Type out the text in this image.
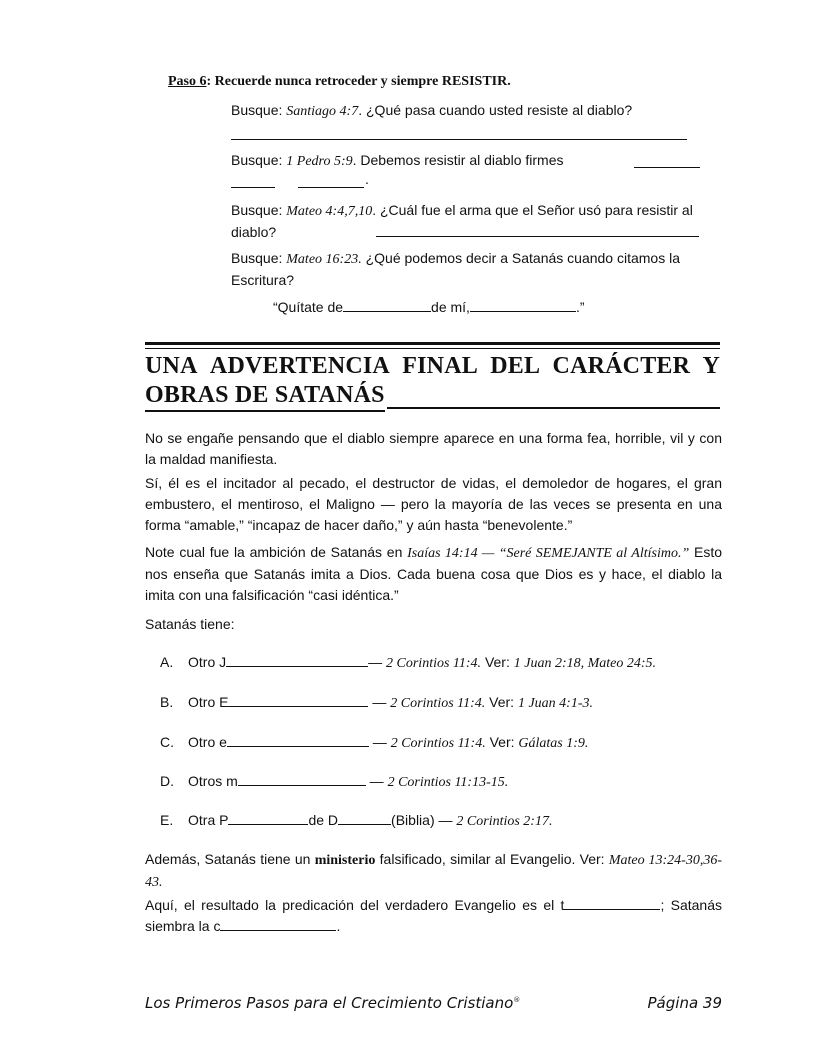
Paso 6: Recuerde nunca retroceder y siempre RESISTIR.
Busque: Santiago 4:7. ¿Qué pasa cuando usted resiste al diablo?
Busque: 1 Pedro 5:9. Debemos resistir al diablo firmes
.
Busque: Mateo 4:4,7,10. ¿Cuál fue el arma que el Señor usó para resistir al diablo?
Busque: Mateo 16:23. ¿Qué podemos decir a Satanás cuando citamos la Escritura?
“Quítate de	de mí,	.”
UNA ADVERTENCIA FINAL DEL CARÁCTER Y
OBRAS DE SATANÁS
No se engañe pensando que el diablo siempre aparece en una forma fea, horrible, vil y con la maldad manifiesta.
Sí, él es el incitador al pecado, el destructor de vidas, el demoledor de hogares, el gran embustero, el mentiroso, el Maligno — pero la mayoría de las veces se presenta en una forma “amable,” “incapaz de hacer daño,” y aún hasta “benevolente.”
Note cual fue la ambición de Satanás en Isaías 14:14 — “Seré SEMEJANTE al Altísimo.” Esto nos enseña que Satanás imita a Dios. Cada buena cosa que Dios es y hace, el diablo la imita con una falsificación “casi idéntica.”
Satanás tiene:
A. Otro J	— 2 Corintios 11:4. Ver: 1 Juan 2:18, Mateo 24:5.
B. Otro E	— 2 Corintios 11:4. Ver: 1 Juan 4:1-3.
C. Otro e	— 2 Corintios 11:4. Ver: Gálatas 1:9.
D. Otros m	— 2 Corintios 11:13-15.
E. Otra P	de D	(Biblia) — 2 Corintios 2:17.
Además, Satanás tiene un ministerio falsificado, similar al Evangelio. Ver: Mateo 13:24-30,36-43.
Aquí, el resultado la predicación del verdadero Evangelio es el t	; Satanás siembra la c	.
Los Primeros Pasos para el Crecimiento Cristiano®	Página 39
